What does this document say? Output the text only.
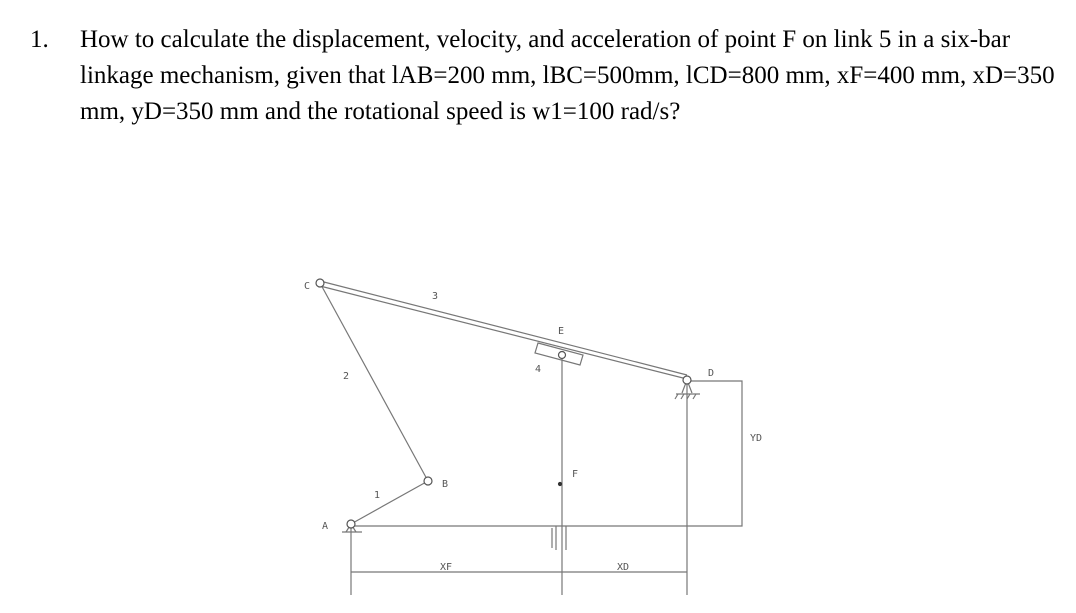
1. How to calculate the displacement, velocity, and acceleration of point F on link 5 in a six-bar linkage mechanism, given that lAB=200 mm, lBC=500mm, lCD=800 mm, xF=400 mm, xD=350 mm, yD=350 mm and the rotational speed is w1=100 rad/s?
C
3
E
2
4	D
YD
F
B
1
A
XF	XD
